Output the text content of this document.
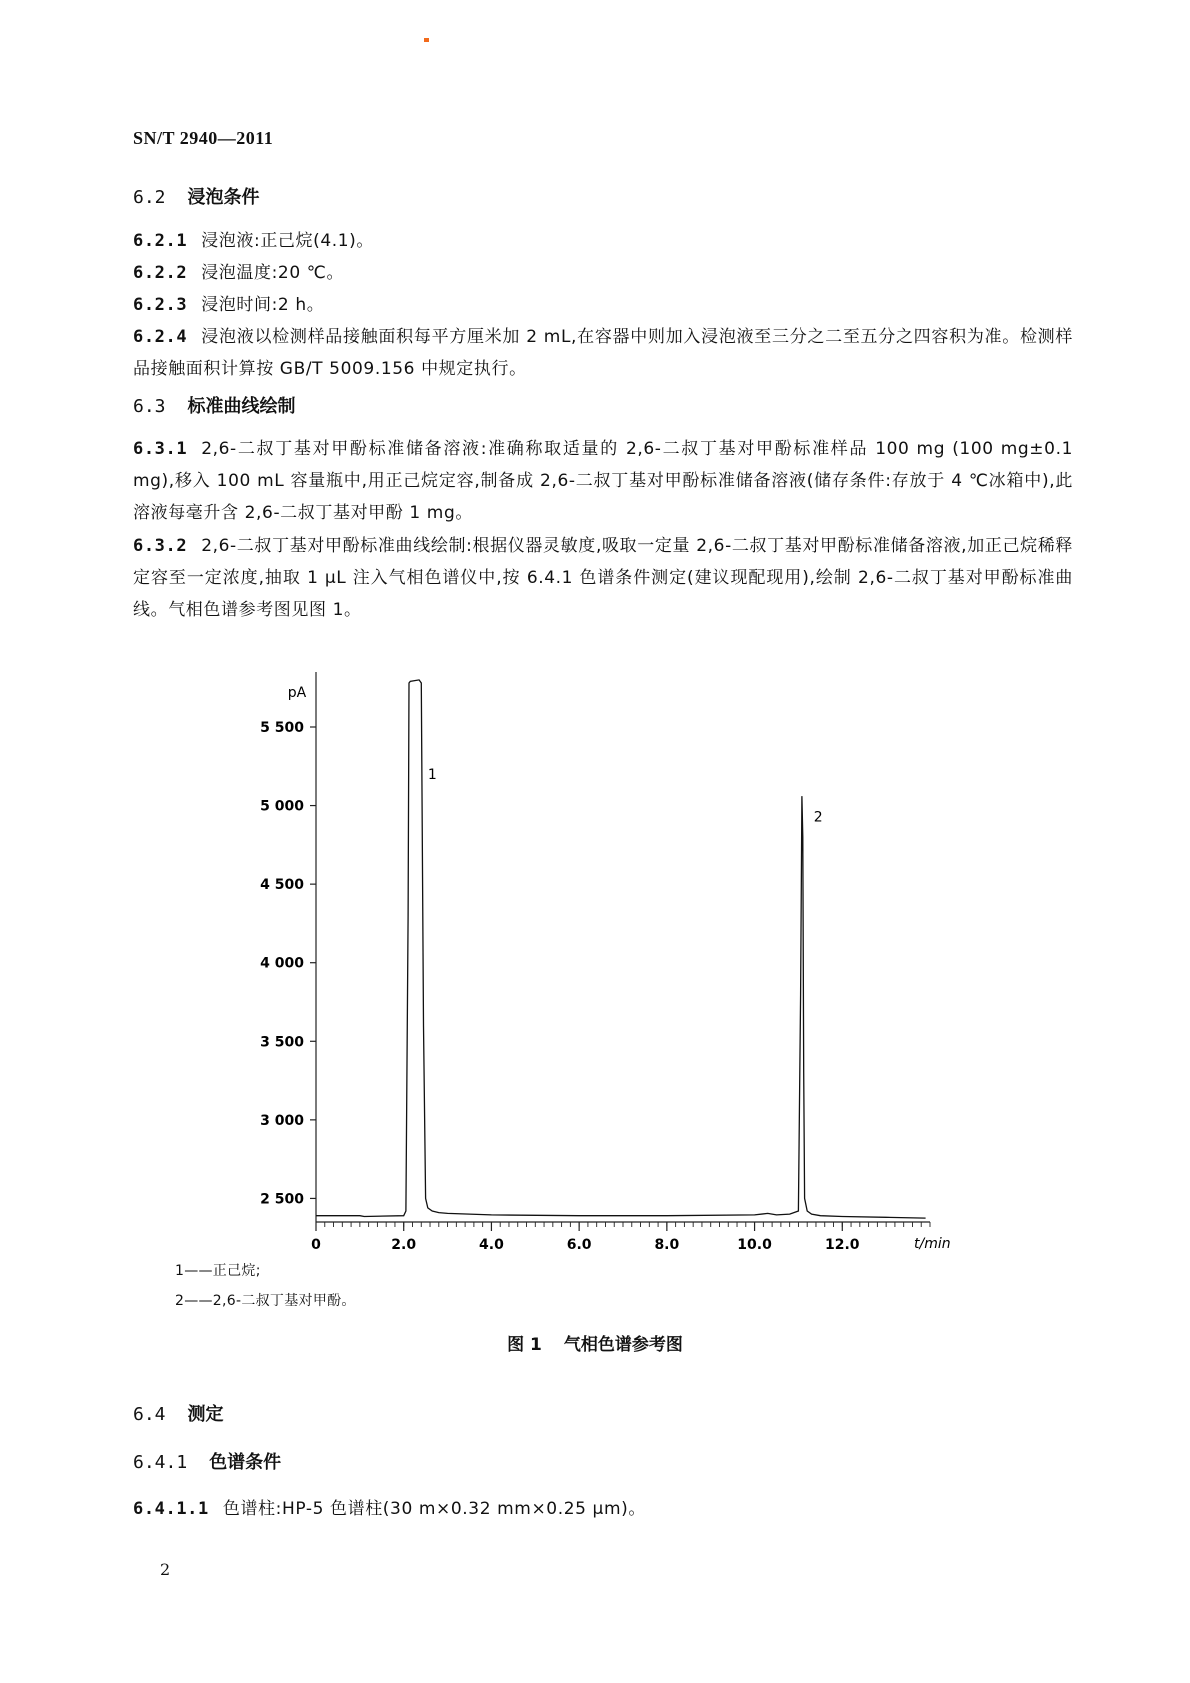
SN/T 2940—2011
6.2 浸泡条件
6.2.1 浸泡液:正己烷(4.1)。
6.2.2 浸泡温度:20 ℃。
6.2.3 浸泡时间:2 h。
6.2.4 浸泡液以检测样品接触面积每平方厘米加 2 mL,在容器中则加入浸泡液至三分之二至五分之四容积为准。检测样品接触面积计算按 GB/T 5009.156 中规定执行。
6.3 标准曲线绘制
6.3.1 2,6-二叔丁基对甲酚标准储备溶液:准确称取适量的 2,6-二叔丁基对甲酚标准样品 100 mg (100 mg±0.1 mg),移入 100 mL 容量瓶中,用正己烷定容,制备成 2,6-二叔丁基对甲酚标准储备溶液(储存条件:存放于 4 ℃冰箱中),此溶液每毫升含 2,6-二叔丁基对甲酚 1 mg。
6.3.2 2,6-二叔丁基对甲酚标准曲线绘制:根据仪器灵敏度,吸取一定量 2,6-二叔丁基对甲酚标准储备溶液,加正己烷稀释定容至一定浓度,抽取 1 μL 注入气相色谱仪中,按 6.4.1 色谱条件测定(建议现配现用),绘制 2,6-二叔丁基对甲酚标准曲线。气相色谱参考图见图 1。
2 500
3 000
3 500
4 000
4 500
5 000
5 500
0	2.0	4.0	6.0	8.0	10.0	12.0
pA
t/min
1
2
1——正己烷;
2——2,6-二叔丁基对甲酚。
图 1 气相色谱参考图
6.4 测定
6.4.1 色谱条件
6.4.1.1 色谱柱:HP-5 色谱柱(30 m×0.32 mm×0.25 μm)。
2
